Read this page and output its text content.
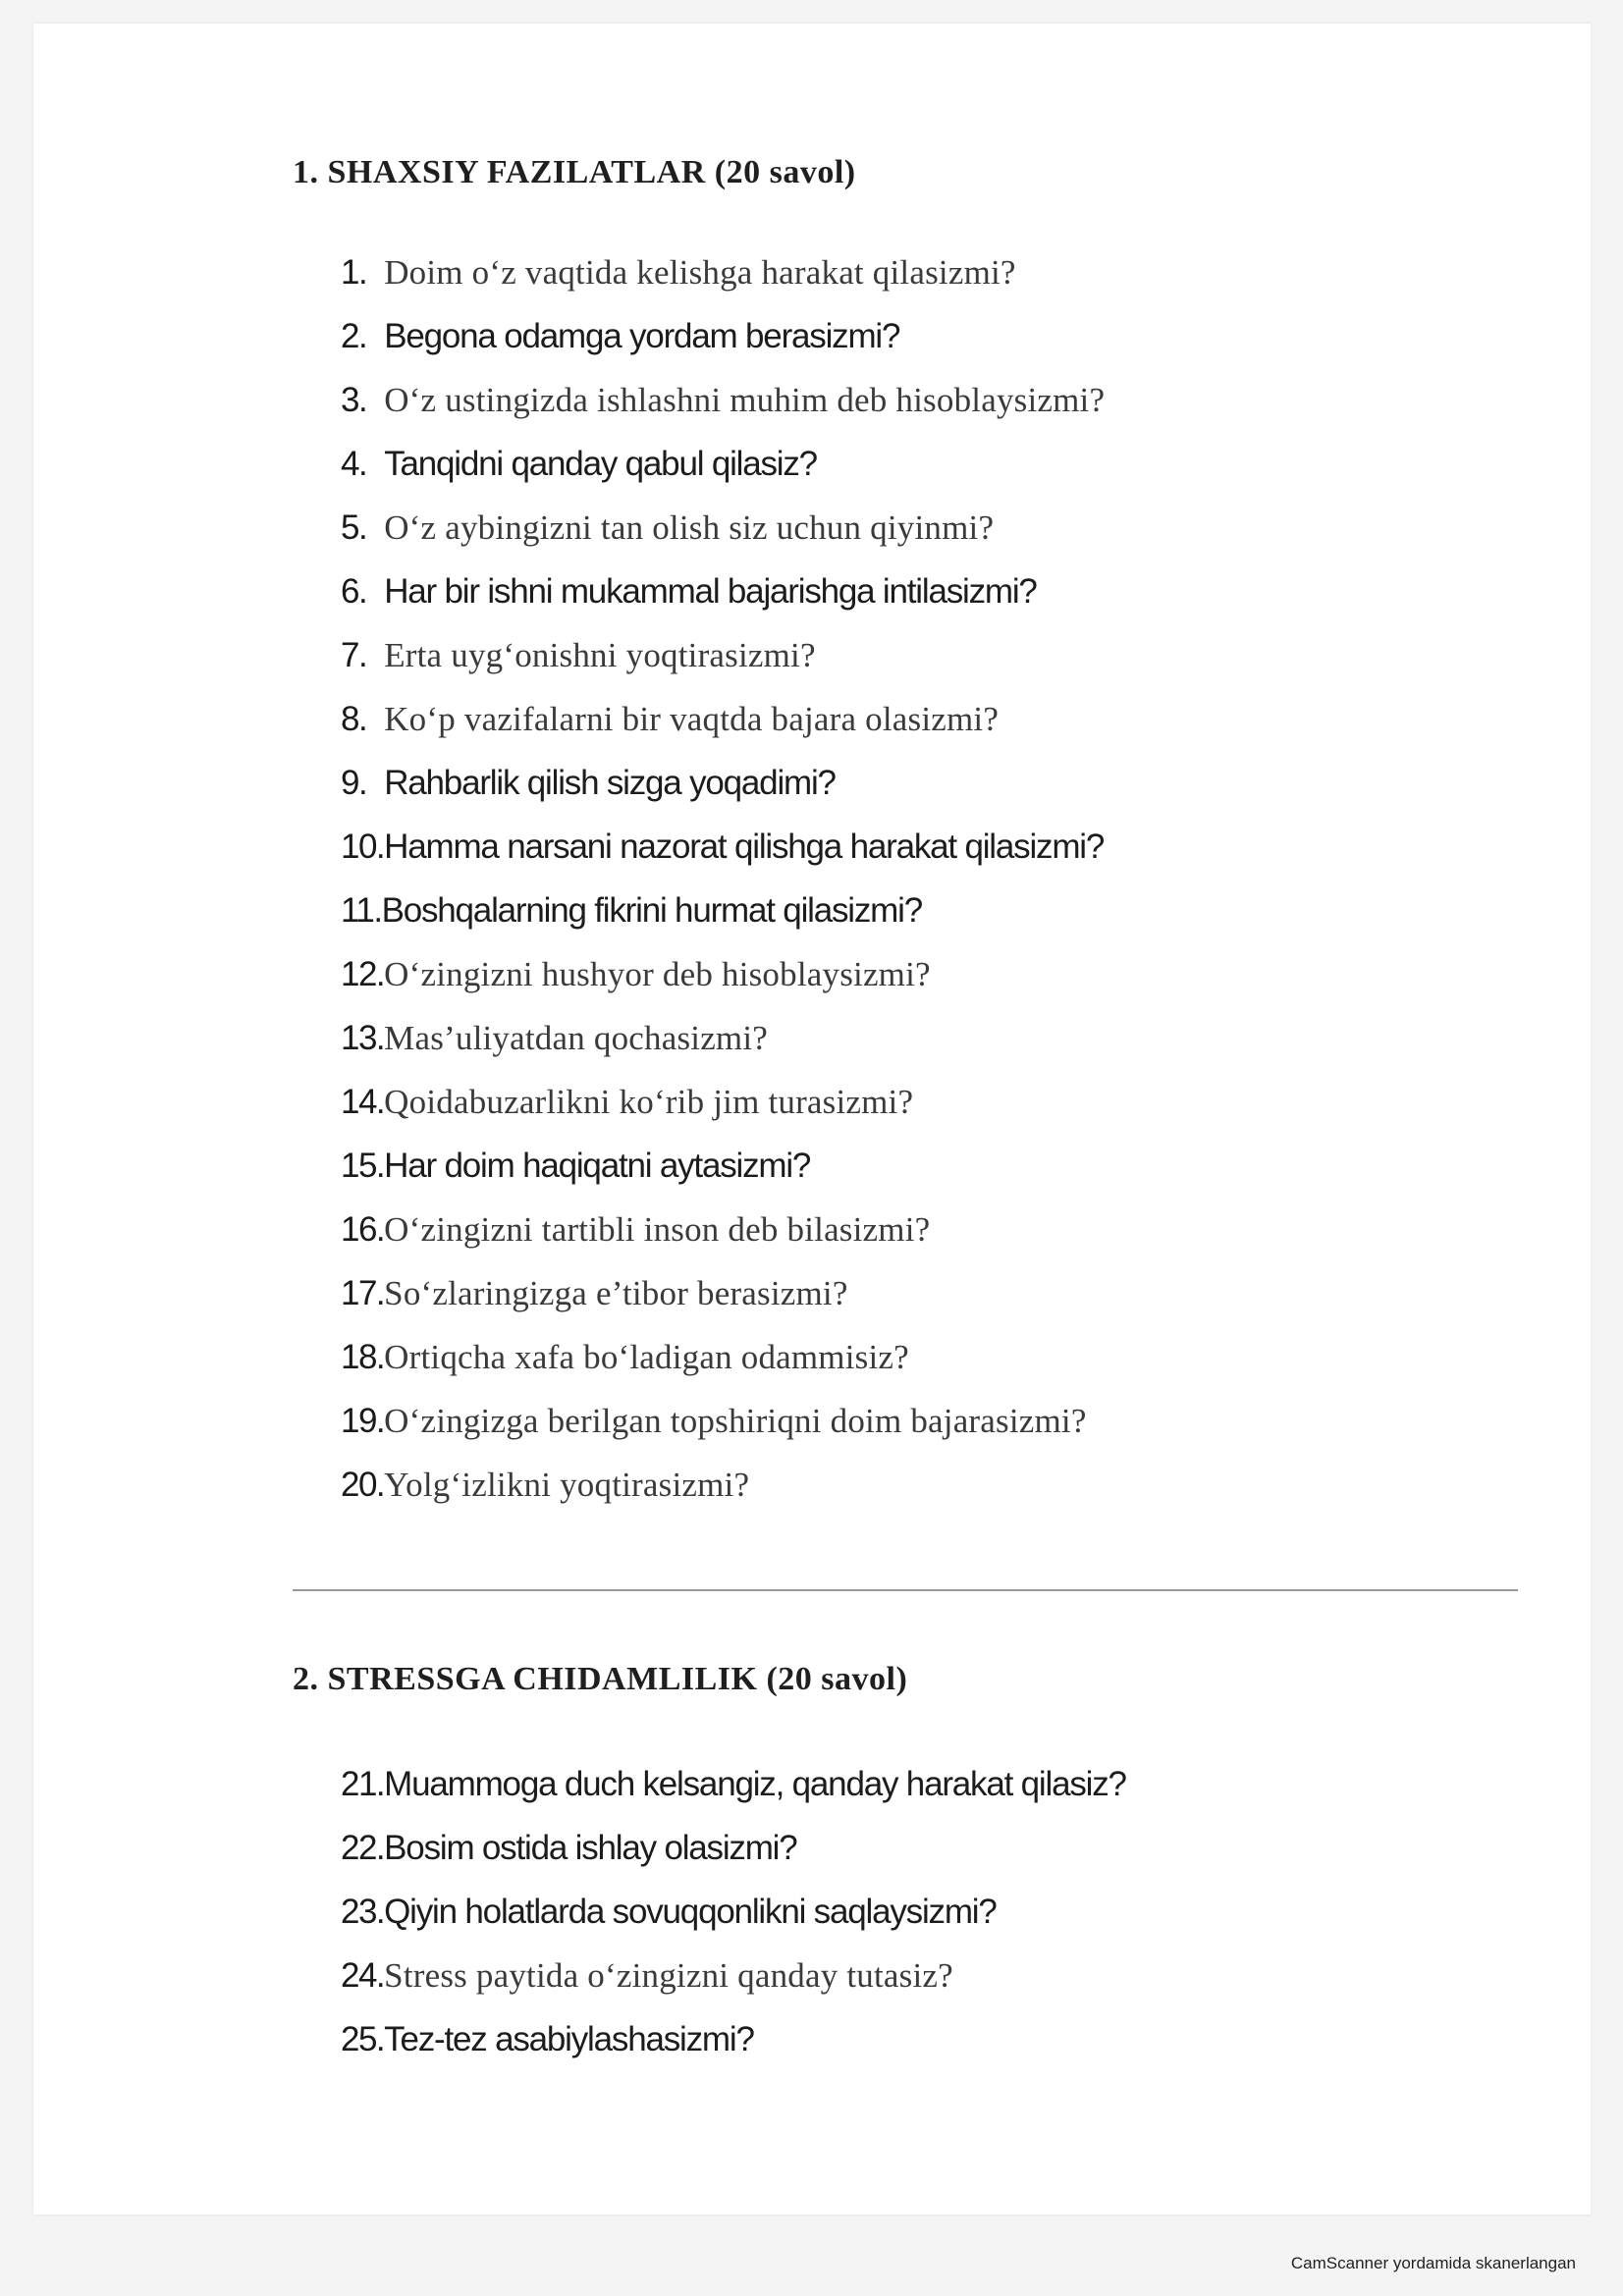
1. SHAXSIY FAZILATLAR (20 savol)
1. Doim o‘z vaqtida kelishga harakat qilasizmi?
2. Begona odamga yordam berasizmi?
3. O‘z ustingizda ishlashni muhim deb hisoblaysizmi?
4. Tanqidni qanday qabul qilasiz?
5. O‘z aybingizni tan olish siz uchun qiyinmi?
6. Har bir ishni mukammal bajarishga intilasizmi?
7. Erta uyg‘onishni yoqtirasizmi?
8. Ko‘p vazifalarni bir vaqtda bajara olasizmi?
9. Rahbarlik qilish sizga yoqadimi?
10.Hamma narsani nazorat qilishga harakat qilasizmi?
11.Boshqalarning fikrini hurmat qilasizmi?
12.O‘zingizni hushyor deb hisoblaysizmi?
13.Mas’uliyatdan qochasizmi?
14.Qoidabuzarlikni ko‘rib jim turasizmi?
15.Har doim haqiqatni aytasizmi?
16.O‘zingizni tartibli inson deb bilasizmi?
17.So‘zlaringizga e’tibor berasizmi?
18.Ortiqcha xafa bo‘ladigan odammisiz?
19.O‘zingizga berilgan topshiriqni doim bajarasizmi?
20.Yolg‘izlikni yoqtirasizmi?
2. STRESSGA CHIDAMLILIK (20 savol)
21.Muammoga duch kelsangiz, qanday harakat qilasiz?
22.Bosim ostida ishlay olasizmi?
23.Qiyin holatlarda sovuqqonlikni saqlaysizmi?
24.Stress paytida o‘zingizni qanday tutasiz?
25.Tez-tez asabiylashasizmi?
CamScanner yordamida skanerlangan
